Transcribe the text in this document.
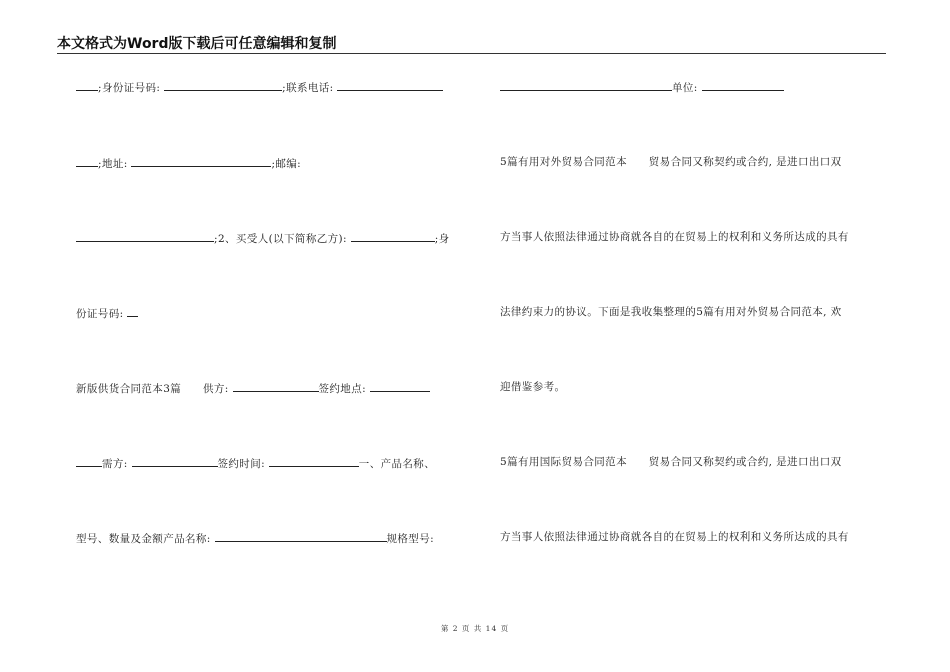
本文格式为Word版下载后可任意编辑和复制
;身份证号码:	;联系电话:
;地址:	;邮编:
;2、买受人(以下简称乙方):	;身
份证号码:
新版供货合同范本3篇　　 供方:	签约地点:
需方:	签约时间:	一、产品名称、
型号、数量及金额产品名称:	规格型号:
单位:
5篇有用对外贸易合同范本　　贸易合同又称契约或合约, 是进口出口双
方当事人依照法律通过协商就各自的在贸易上的权利和义务所达成的具有
法律约束力的协议。下面是我收集整理的5篇有用对外贸易合同范本, 欢
迎借鉴参考。
5篇有用国际贸易合同范本　　贸易合同又称契约或合约, 是进口出口双
方当事人依照法律通过协商就各自的在贸易上的权利和义务所达成的具有
第 2 页 共 14 页
